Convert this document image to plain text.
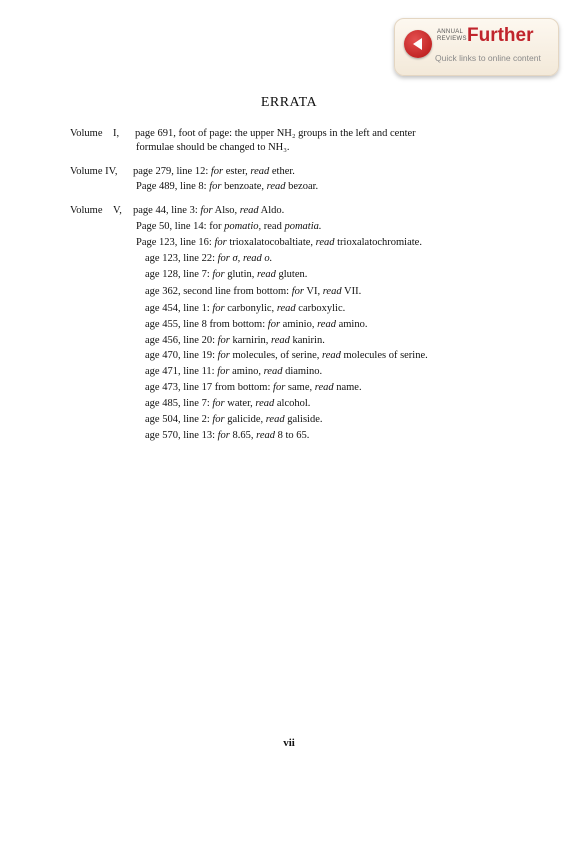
ANNUAL
REVIEWS Further
Quick links to online content
ERRATA
Volume I, page 691, foot of page: the upper NH₂ groups in the left and center
formulae should be changed to NH₃.
Volume IV, page 279, line 12: for ester, read ether.
Page 489, line 8: for benzoate, read bezoar.
Volume V, page 44, line 3: for Also, read Aldo.
Page 50, line 14: for pomatio, read pomatia.
Page 123, line 16: for trioxalatocobaltiate, read trioxalatochromiate.
age 123, line 22: for σ, read o.
age 128, line 7: for glutin, read gluten.
age 362, second line from bottom: for VI, read VII.
age 454, line 1: for carbonylic, read carboxylic.
age 455, line 8 from bottom: for aminio, read amino.
age 456, line 20: for karnirin, read kanirin.
age 470, line 19: for molecules, of serine, read molecules of serine.
age 471, line 11: for amino, read diamino.
age 473, line 17 from bottom: for same, read name.
age 485, line 7: for water, read alcohol.
age 504, line 2: for galicide, read galiside.
age 570, line 13: for 8.65, read 8 to 65.
vii
